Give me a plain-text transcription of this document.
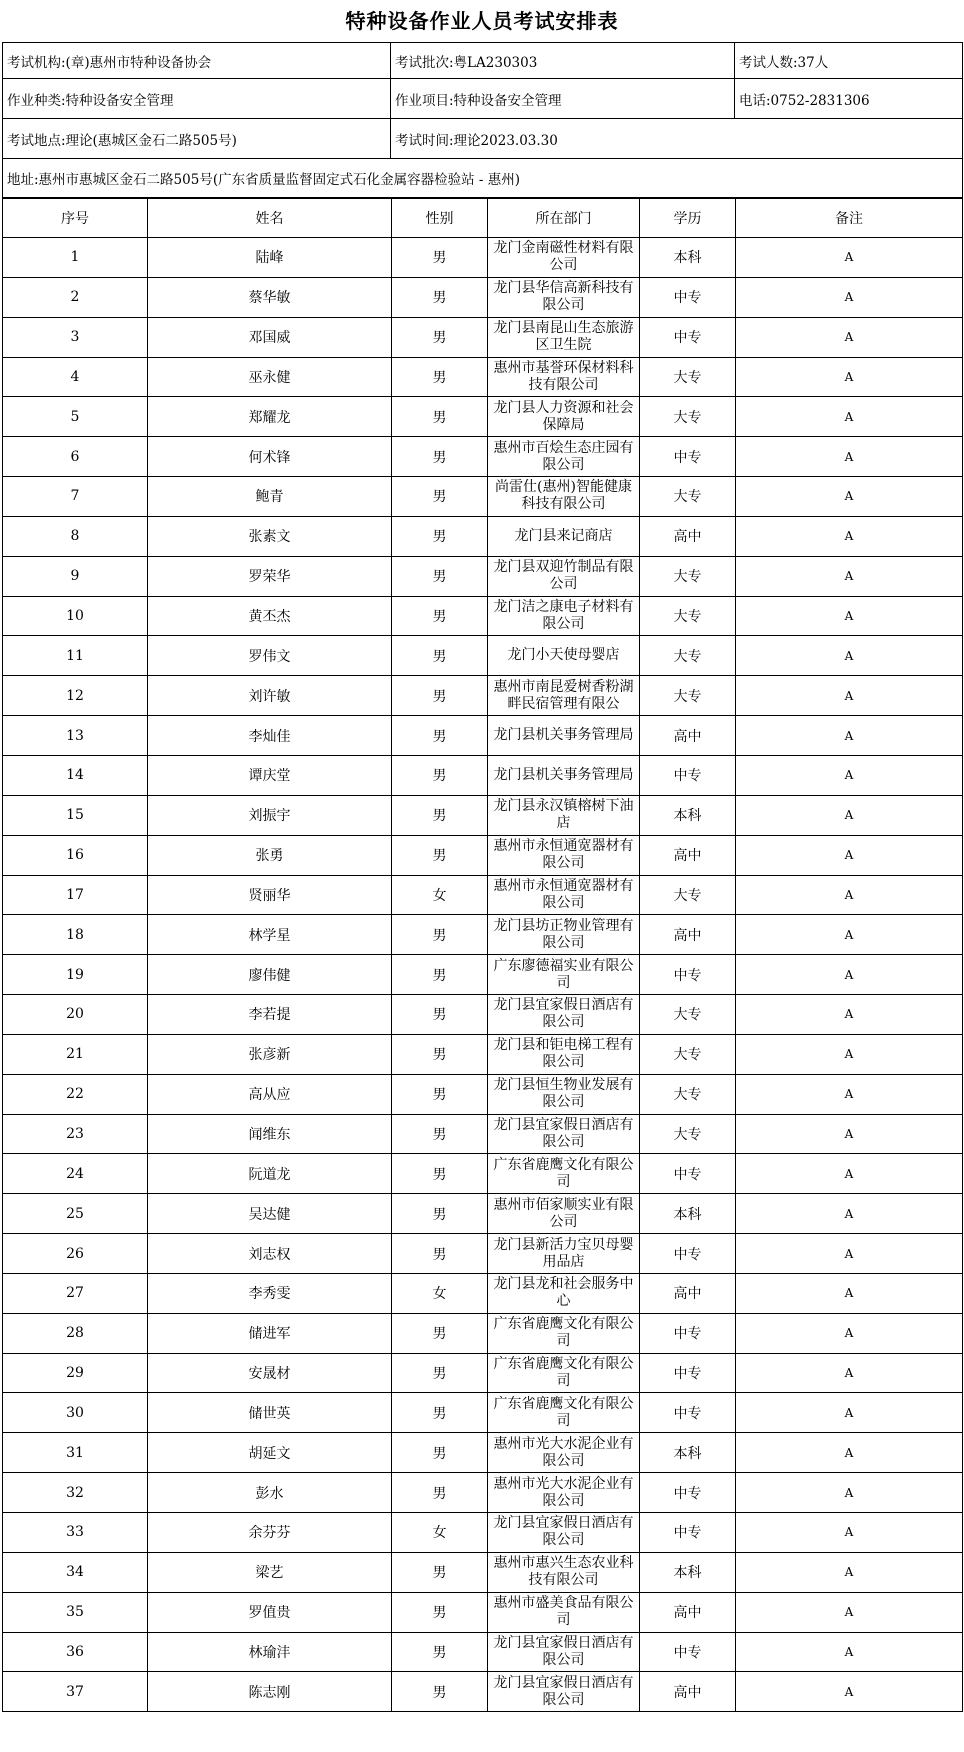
特种设备作业人员考试安排表
考试机构:(章)惠州市特种设备协会	考试批次:粤LA230303	考试人数:37人
作业种类:特种设备安全管理	作业项目:特种设备安全管理	电话:0752-2831306
考试地点:理论(惠城区金石二路505号)	考试时间:理论2023.03.30
地址:惠州市惠城区金石二路505号(广东省质量监督固定式石化金属容器检验站 - 惠州)
序号	姓名	性别	所在部门	学历	备注
1	陆峰	男	龙门金南磁性材料有限公司	本科	A
2	蔡华敏	男	龙门县华信高新科技有限公司	中专	A
3	邓国威	男	龙门县南昆山生态旅游区卫生院	中专	A
4	巫永健	男	惠州市基誉环保材料科技有限公司	大专	A
5	郑耀龙	男	龙门县人力资源和社会保障局	大专	A
6	何术锋	男	惠州市百烩生态庄园有限公司	中专	A
7	鲍青	男	尚雷仕(惠州)智能健康科技有限公司	大专	A
8	张素文	男	龙门县来记商店	高中	A
9	罗荣华	男	龙门县双迎竹制品有限公司	大专	A
10	黄丕杰	男	龙门洁之康电子材料有限公司	大专	A
11	罗伟文	男	龙门小天使母婴店	大专	A
12	刘许敏	男	惠州市南昆爱树香粉湖畔民宿管理有限公	大专	A
13	李灿佳	男	龙门县机关事务管理局	高中	A
14	谭庆堂	男	龙门县机关事务管理局	中专	A
15	刘振宇	男	龙门县永汉镇榕树下油店	本科	A
16	张勇	男	惠州市永恒通宽器材有限公司	高中	A
17	贤丽华	女	惠州市永恒通宽器材有限公司	大专	A
18	林学星	男	龙门县坊正物业管理有限公司	高中	A
19	廖伟健	男	广东廖德福实业有限公司	中专	A
20	李若提	男	龙门县宜家假日酒店有限公司	大专	A
21	张彦新	男	龙门县和钜电梯工程有限公司	大专	A
22	高从应	男	龙门县恒生物业发展有限公司	大专	A
23	闻维东	男	龙门县宜家假日酒店有限公司	大专	A
24	阮道龙	男	广东省鹿鹰文化有限公司	中专	A
25	吴达健	男	惠州市佰家顺实业有限公司	本科	A
26	刘志权	男	龙门县新活力宝贝母婴用品店	中专	A
27	李秀雯	女	龙门县龙和社会服务中心	高中	A
28	储进军	男	广东省鹿鹰文化有限公司	中专	A
29	安晟材	男	广东省鹿鹰文化有限公司	中专	A
30	储世英	男	广东省鹿鹰文化有限公司	中专	A
31	胡延文	男	惠州市光大水泥企业有限公司	本科	A
32	彭水	男	惠州市光大水泥企业有限公司	中专	A
33	余芬芬	女	龙门县宜家假日酒店有限公司	中专	A
34	梁艺	男	惠州市惠兴生态农业科技有限公司	本科	A
35	罗值贵	男	惠州市盛美食品有限公司	高中	A
36	林瑜沣	男	龙门县宜家假日酒店有限公司	中专	A
37	陈志刚	男	龙门县宜家假日酒店有限公司	高中	A
